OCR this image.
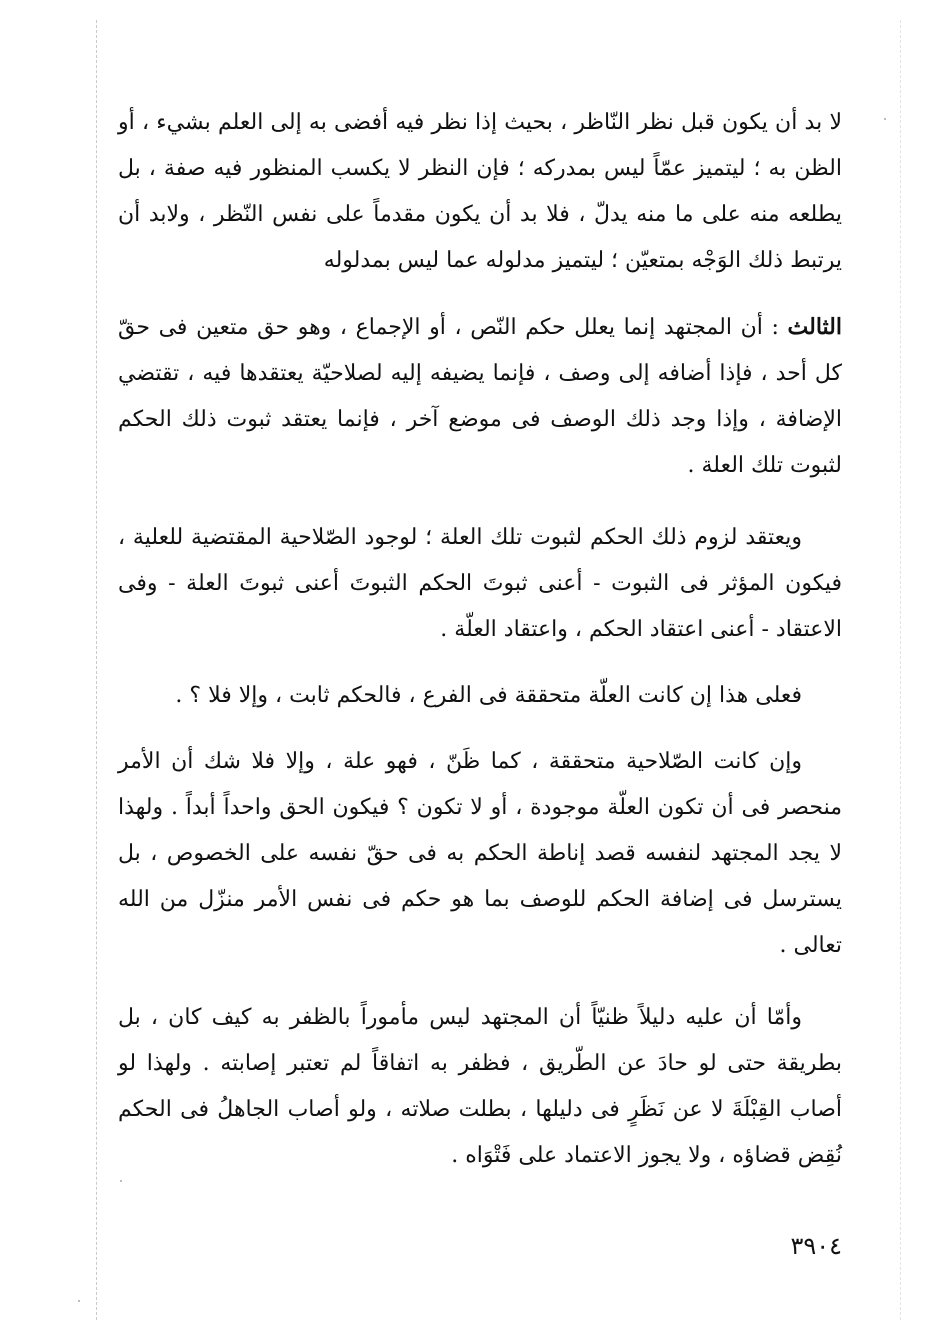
لا بد أن يكون قبل نظر النّاظر ، بحيث إذا نظر فيه أفضى به إلى العلم بشيء ، أو الظن به ؛ ليتميز عمّاً ليس بمدركه ؛ فإن النظر لا يكسب المنظور فيه صفة ، بل يطلعه منه على ما منه يدلّ ، فلا بد أن يكون مقدماً على نفس النّظر ، ولابد أن يرتبط ذلك الوَجْه بمتعيّن ؛ ليتميز مدلوله عما ليس بمدلوله

الثالث : أن المجتهد إنما يعلل حكم النّص ، أو الإجماع ، وهو حق متعين فى حقّ كل أحد ، فإذا أضافه إلى وصف ، فإنما يضيفه إليه لصلاحيّة يعتقدها فيه ، تقتضي الإضافة ، وإذا وجد ذلك الوصف فى موضع آخر ، فإنما يعتقد ثبوت ذلك الحكم لثبوت تلك العلة .

ويعتقد لزوم ذلك الحكم لثبوت تلك العلة ؛ لوجود الصّلاحية المقتضية للعلية ، فيكون المؤثر فى الثبوت - أعنى ثبوتَ الحكم الثبوتَ أعنى ثبوتَ العلة - وفى الاعتقاد - أعنى اعتقاد الحكم ، واعتقاد العلّة .

فعلى هذا إن كانت العلّة متحققة فى الفرع ، فالحكم ثابت ، وإلا فلا ؟ .

وإن كانت الصّلاحية متحققة ، كما ظَنّ ، فهو علة ، وإلا فلا شك أن الأمر منحصر فى أن تكون العلّة موجودة ، أو لا تكون ؟ فيكون الحق واحداً أبداً . ولهذا لا يجد المجتهد لنفسه قصد إناطة الحكم به فى حقّ نفسه على الخصوص ، بل يسترسل فى إضافة الحكم للوصف بما هو حكم فى نفس الأمر منزّل من الله تعالى .

وأمّا أن عليه دليلاً ظنيّاً أن المجتهد ليس مأموراً بالظفر به كيف كان ، بل بطريقة حتى لو حادَ عن الطّريق ، فظفر به اتفاقاً لم تعتبر إصابته . ولهذا لو أصاب القِبْلَةَ لا عن نَظَرٍ فى دليلها ، بطلت صلاته ، ولو أصاب الجاهلُ فى الحكم نُقِض قضاؤه ، ولا يجوز الاعتماد على فَتْوَاه .

٣٩٠٤
